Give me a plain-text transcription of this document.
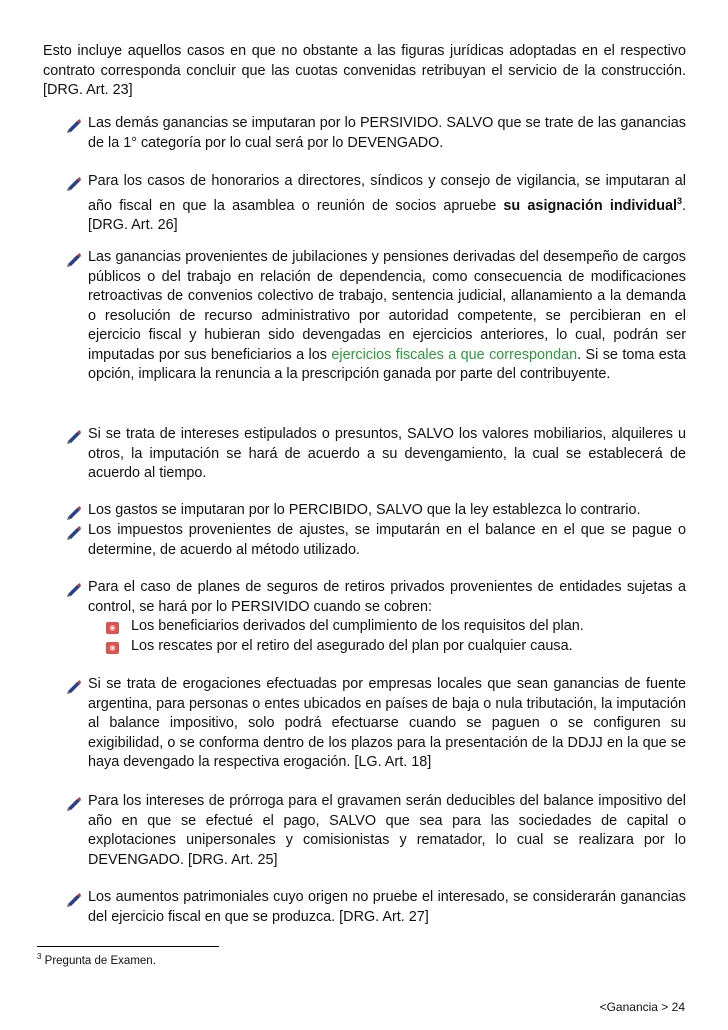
Esto incluye aquellos casos en que no obstante a las figuras jurídicas adoptadas en el respectivo contrato corresponda concluir que las cuotas convenidas retribuyan el servicio de la construcción. [DRG. Art. 23]

Las demás ganancias se imputaran por lo PERSIVIDO. SALVO que se trate de las ganancias de la 1° categoría por lo cual será por lo DEVENGADO.

Para los casos de honorarios a directores, síndicos y consejo de vigilancia, se imputaran al año fiscal en que la asamblea o reunión de socios apruebe su asignación individual$^3$. [DRG. Art. 26]

Las ganancias provenientes de jubilaciones y pensiones derivadas del desempeño de cargos públicos o del trabajo en relación de dependencia, como consecuencia de modificaciones retroactivas de convenios colectivo de trabajo, sentencia judicial, allanamiento a la demanda o resolución de recurso administrativo por autoridad competente, se percibieran en el ejercicio fiscal y hubieran sido devengadas en ejercicios anteriores, lo cual, podrán ser imputadas por sus beneficiarios a los ejercicios fiscales a que correspondan. Si se toma esta opción, implicara la renuncia a la prescripción ganada por parte del contribuyente.

Si se trata de intereses estipulados o presuntos, SALVO los valores mobiliarios, alquileres u otros, la imputación se hará de acuerdo a su devengamiento, la cual se establecerá de acuerdo al tiempo.

Los gastos se imputaran por lo PERCIBIDO, SALVO que la ley establezca lo contrario.

Los impuestos provenientes de ajustes, se imputarán en el balance en el que se pague o determine, de acuerdo al método utilizado.

Para el caso de planes de seguros de retiros privados provenientes de entidades sujetas a control, se hará por lo PERSIVIDO cuando se cobren:

Los beneficiarios derivados del cumplimiento de los requisitos del plan.
Los rescates por el retiro del asegurado del plan por cualquier causa.

Si se trata de erogaciones efectuadas por empresas locales que sean ganancias de fuente argentina, para personas o entes ubicados en países de baja o nula tributación, la imputación al balance impositivo, solo podrá efectuarse cuando se paguen o se configuren su exigibilidad, o se conforma dentro de los plazos para la presentación de la DDJJ en la que se haya devengado la respectiva erogación. [LG. Art. 18]

Para los intereses de prórroga para el gravamen serán deducibles del balance impositivo del año en que se efectué el pago, SALVO que sea para las sociedades de capital o explotaciones unipersonales y comisionistas y rematador, lo cual se realizara por lo DEVENGADO. [DRG. Art. 25]

Los aumentos patrimoniales cuyo origen no pruebe el interesado, se considerarán ganancias del ejercicio fiscal en que se produzca. [DRG. Art. 27]

$^3$ Pregunta de Examen.
<Ganancia > 24
